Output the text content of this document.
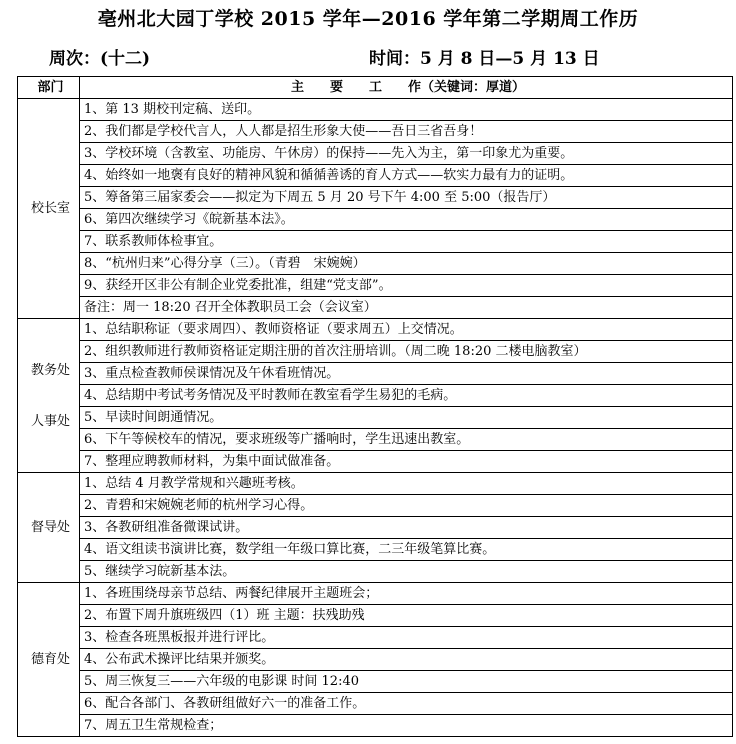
亳州北大园丁学校 2015 学年—2016 学年第二学期周工作历
周次：(十二)	时间：5 月 8 日—5 月 13 日
部门	主　　要　　工　　作（关键词：厚道）
校长室	1、第 13 期校刊定稿、送印。
	2、我们都是学校代言人，人人都是招生形象大使——吾日三省吾身！
	3、学校环境（含教室、功能房、午休房）的保持——先入为主，第一印象尤为重要。
	4、始终如一地褒有良好的精神风貌和循循善诱的育人方式——软实力最有力的证明。
	5、筹备第三届家委会——拟定为下周五 5 月 20 号下午 4:00 至 5:00（报告厅）
	6、第四次继续学习《皖新基本法》。
	7、联系教师体检事宜。
	8、“杭州归来”心得分享（三）。（青碧　宋婉婉）
	9、获经开区非公有制企业党委批准，组建“党支部”。
	备注：周一 18:20 召开全体教职员工会（会议室）

教务处
人事处	1、总结职称证（要求周四）、教师资格证（要求周五）上交情况。
	2、组织教师进行教师资格证定期注册的首次注册培训。（周二晚 18:20 二楼电脑教室）
	3、重点检查教师侯课情况及午休看班情况。
	4、总结期中考试考务情况及平时教师在教室看学生易犯的毛病。
	5、早读时间朗通情况。
	6、下午等候校车的情况，要求班级等广播响时，学生迅速出教室。
	7、整理应聘教师材料，为集中面试做准备。
督导处	1、总结 4 月教学常规和兴趣班考核。
	2、青碧和宋婉婉老师的杭州学习心得。
	3、各教研组准备微课试讲。
	4、语文组读书演讲比赛，数学组一年级口算比赛，二三年级笔算比赛。
	5、继续学习皖新基本法。
德育处	1、各班围绕母亲节总结、两餐纪律展开主题班会；
	2、布置下周升旗班级四（1）班 主题：扶残助残
	3、检查各班黑板报并进行评比。
	4、公布武术操评比结果并颁奖。
	5、周三恢复三——六年级的电影课 时间 12:40
	6、配合各部门、各教研组做好六一的准备工作。
	7、周五卫生常规检查；
